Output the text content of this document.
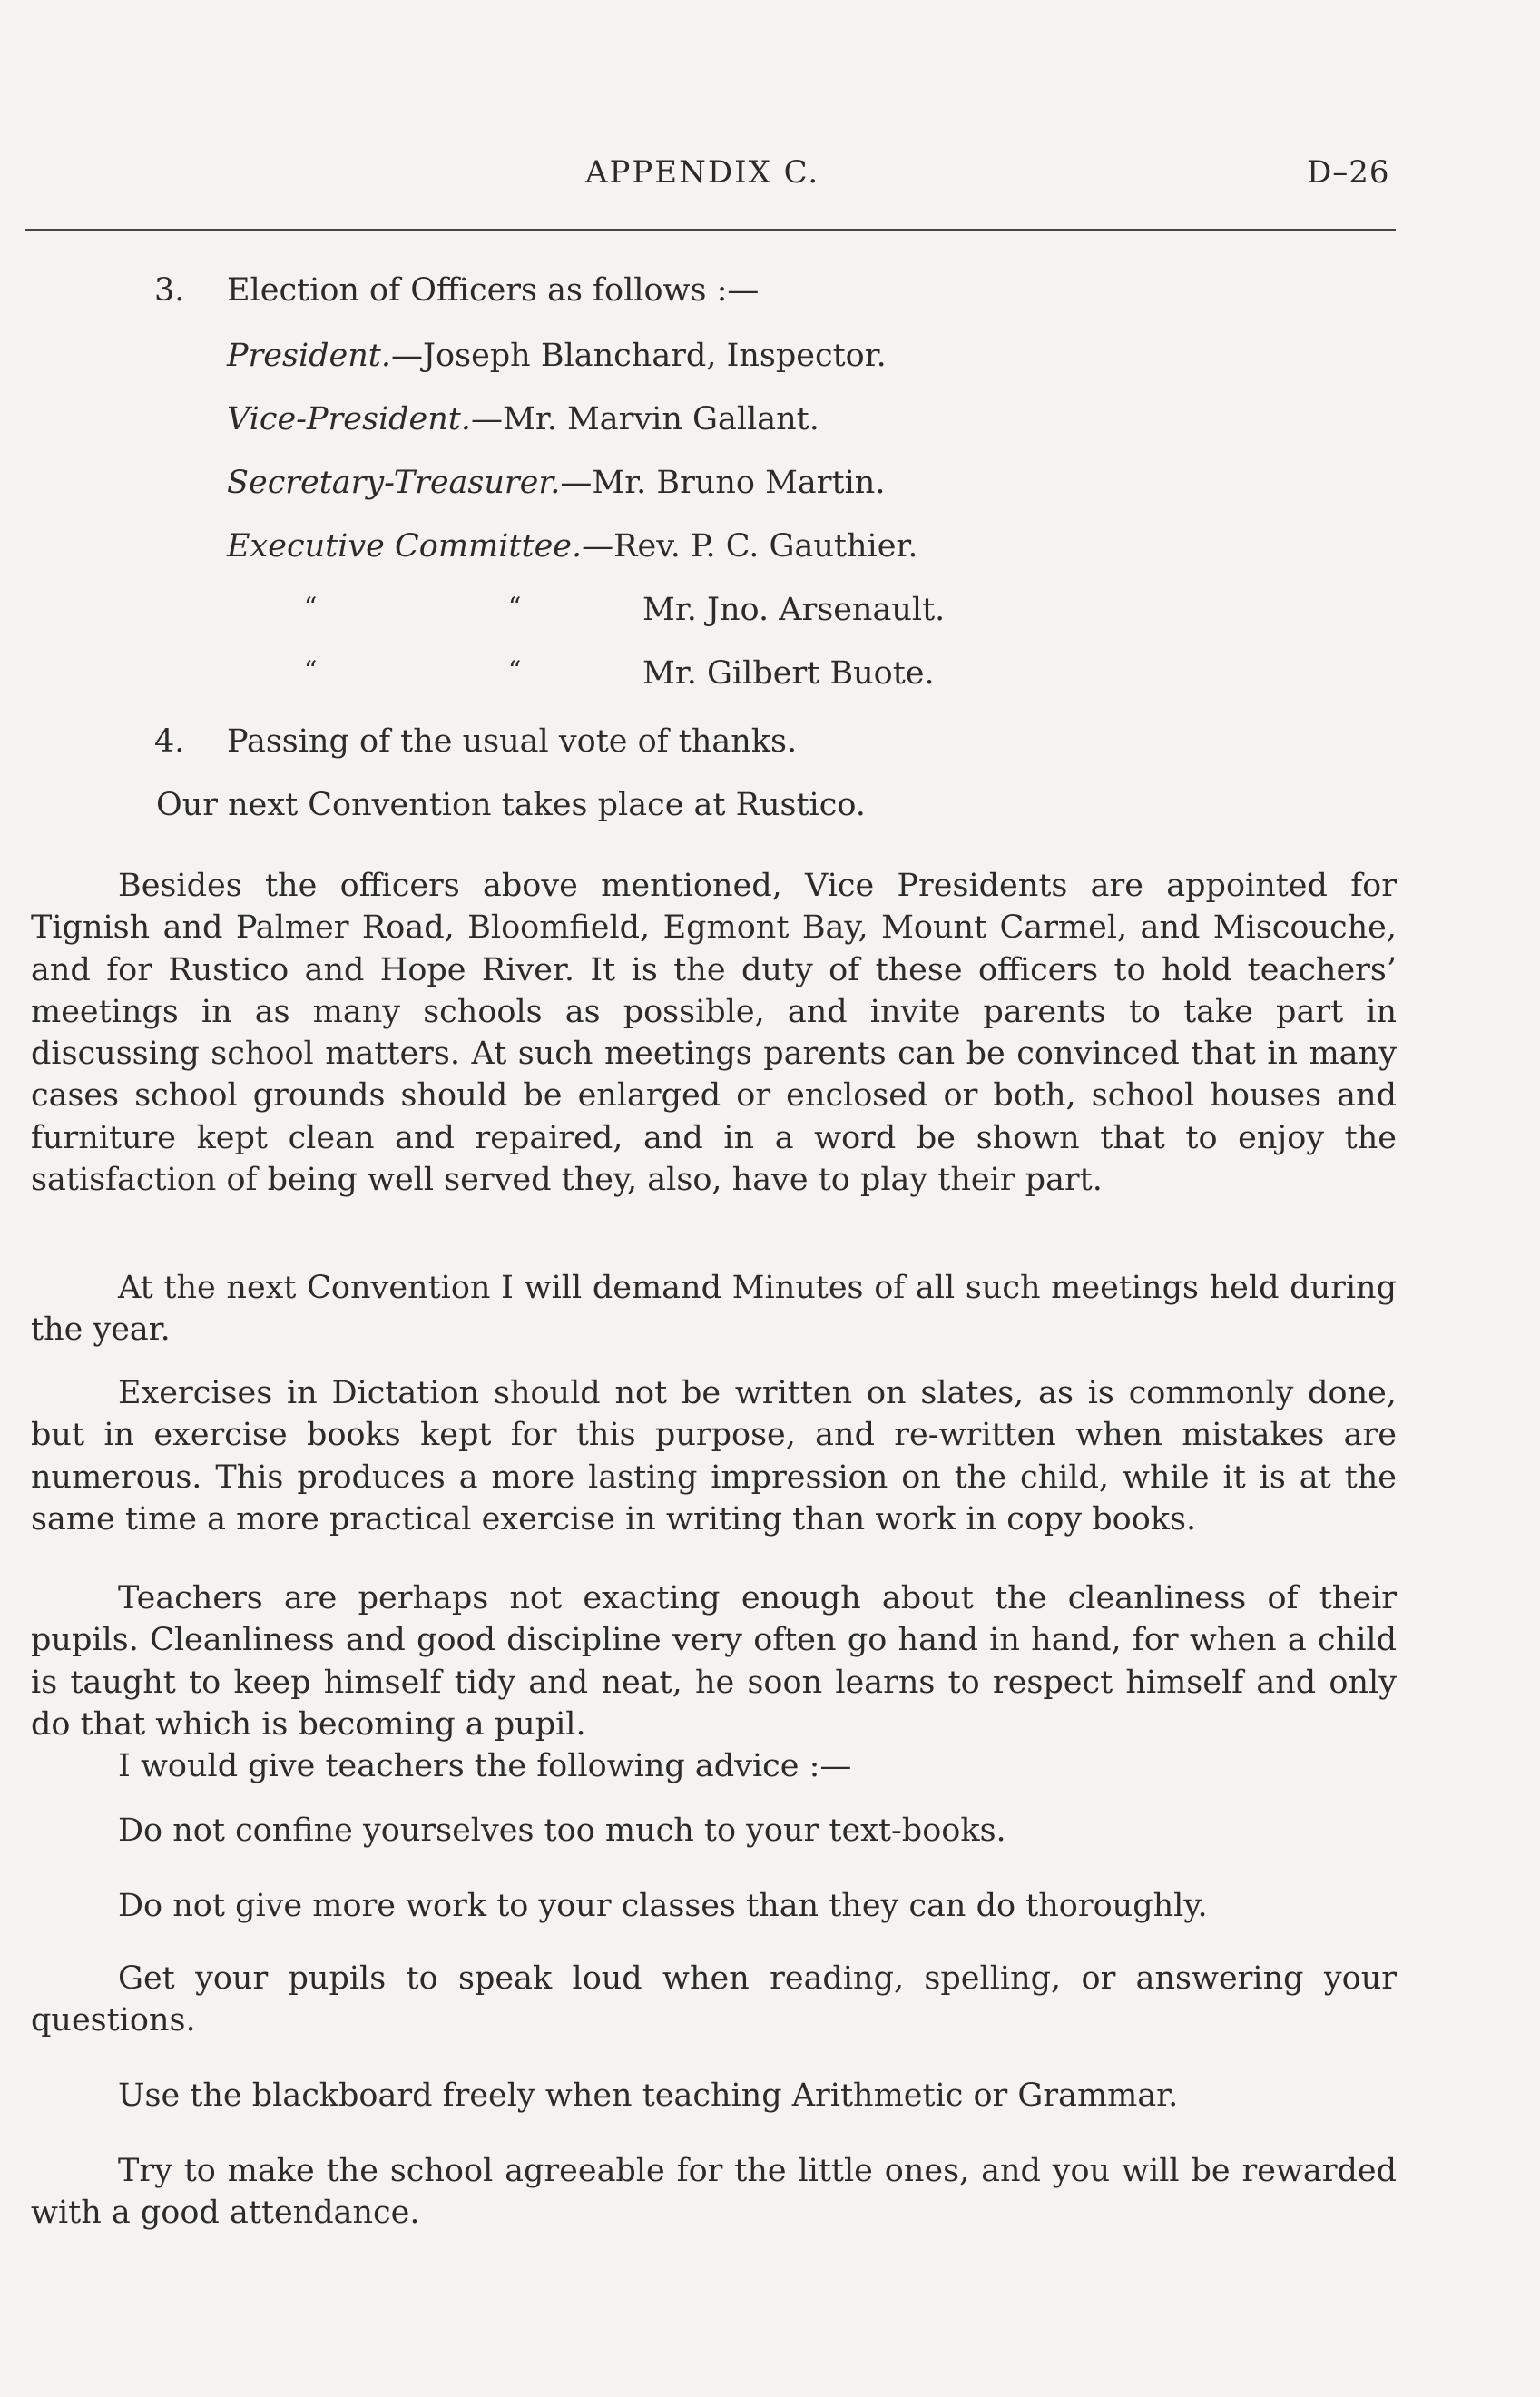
APPENDIX C.	D–26
3. Election of Officers as follows :—
President.—Joseph Blanchard, Inspector.
Vice-President.—Mr. Marvin Gallant.
Secretary-Treasurer.—Mr. Bruno Martin.
Executive Committee.—Rev. P. C. Gauthier.
“	“	Mr. Jno. Arsenault.
“	“	Mr. Gilbert Buote.
4. Passing of the usual vote of thanks.
Our next Convention takes place at Rustico.

Besides the officers above mentioned, Vice Presidents are appointed for Tignish and Palmer Road, Bloomfield, Egmont Bay, Mount Carmel, and Miscouche, and for Rustico and Hope River. It is the duty of these officers to hold teachers’ meetings in as many schools as possible, and invite parents to take part in discussing school matters. At such meetings parents can be convinced that in many cases school grounds should be enlarged or enclosed or both, school houses and furniture kept clean and repaired, and in a word be shown that to enjoy the satisfaction of being well served they, also, have to play their part.

At the next Convention I will demand Minutes of all such meetings held during the year.

Exercises in Dictation should not be written on slates, as is commonly done, but in exercise books kept for this purpose, and re-written when mistakes are numerous. This produces a more lasting impression on the child, while it is at the same time a more practical exercise in writing than work in copy books.

Teachers are perhaps not exacting enough about the cleanliness of their pupils. Cleanliness and good discipline very often go hand in hand, for when a child is taught to keep himself tidy and neat, he soon learns to respect himself and only do that which is becoming a pupil.

I would give teachers the following advice :—
Do not confine yourselves too much to your text-books.
Do not give more work to your classes than they can do thoroughly.

Get your pupils to speak loud when reading, spelling, or answering your questions.

Use the blackboard freely when teaching Arithmetic or Grammar.

Try to make the school agreeable for the little ones, and you will be rewarded with a good attendance.
